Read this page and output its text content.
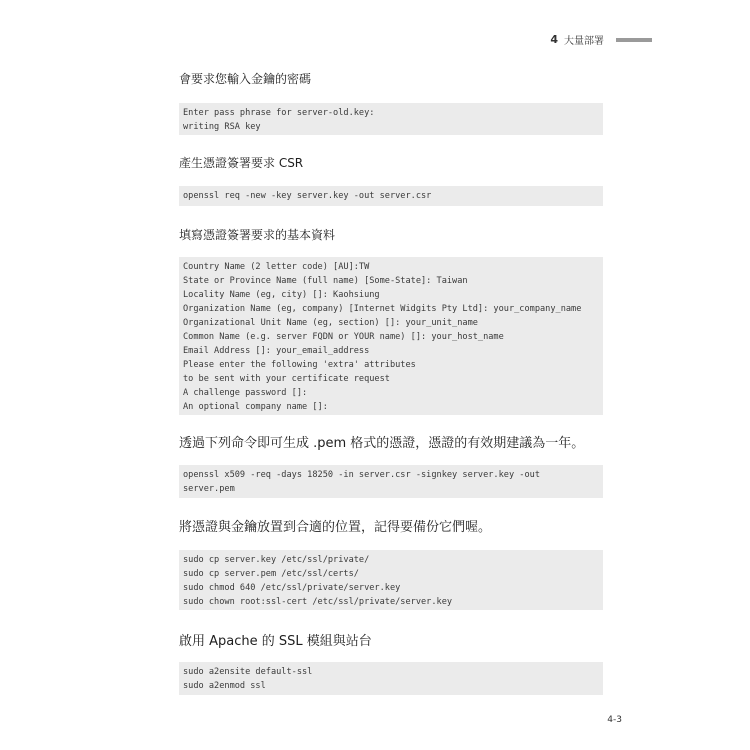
4 大量部署
會要求您輸入金鑰的密碼
Enter pass phrase for server-old.key:
writing RSA key
產生憑證簽署要求 CSR
openssl req -new -key server.key -out server.csr
填寫憑證簽署要求的基本資料
Country Name (2 letter code) [AU]:TW
State or Province Name (full name) [Some-State]: Taiwan
Locality Name (eg, city) []: Kaohsiung
Organization Name (eg, company) [Internet Widgits Pty Ltd]: your_company_name
Organizational Unit Name (eg, section) []: your_unit_name
Common Name (e.g. server FQDN or YOUR name) []: your_host_name
Email Address []: your_email_address
Please enter the following 'extra' attributes
to be sent with your certificate request
A challenge password []:
An optional company name []:
透過下列命令即可生成 .pem 格式的憑證，憑證的有效期建議為一年。
openssl x509 -req -days 18250 -in server.csr -signkey server.key -out
server.pem
將憑證與金鑰放置到合適的位置，記得要備份它們喔。
sudo cp server.key /etc/ssl/private/
sudo cp server.pem /etc/ssl/certs/
sudo chmod 640 /etc/ssl/private/server.key
sudo chown root:ssl-cert /etc/ssl/private/server.key
啟用 Apache 的 SSL 模組與站台
sudo a2ensite default-ssl
sudo a2enmod ssl
4-3
